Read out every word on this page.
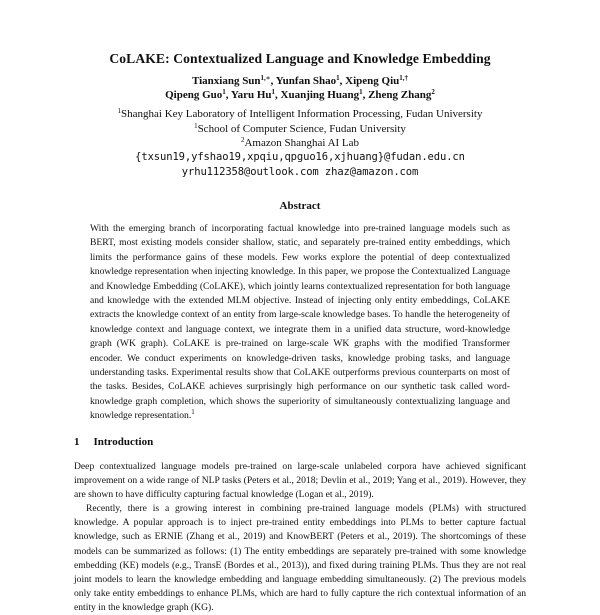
CoLAKE: Contextualized Language and Knowledge Embedding
Tianxiang Sun$^{1,∗}$, Yunfan Shao$^1$, Xipeng Qiu$^{1,\dagger}$
Qipeng Guo$^1$, Yaru Hu$^1$, Xuanjing Huang$^1$, Zheng Zhang$^2$
$^1$Shanghai Key Laboratory of Intelligent Information Processing, Fudan University
$^1$School of Computer Science, Fudan University
$^2$Amazon Shanghai AI Lab
{txsun19,yfshao19,xpqiu,qpguo16,xjhuang}@fudan.edu.cn
yrhu112358@outlook.com zhaz@amazon.com
Abstract
With the emerging branch of incorporating factual knowledge into pre-trained language models such as BERT, most existing models consider shallow, static, and separately pre-trained entity embeddings, which limits the performance gains of these models. Few works explore the potential of deep contextualized knowledge representation when injecting knowledge. In this paper, we propose the Contextualized Language and Knowledge Embedding (CoLAKE), which jointly learns contextualized representation for both language and knowledge with the extended MLM objective. Instead of injecting only entity embeddings, CoLAKE extracts the knowledge context of an entity from large-scale knowledge bases. To handle the heterogeneity of knowledge context and language context, we integrate them in a unified data structure, word-knowledge graph (WK graph). CoLAKE is pre-trained on large-scale WK graphs with the modified Transformer encoder. We conduct experiments on knowledge-driven tasks, knowledge probing tasks, and language understanding tasks. Experimental results show that CoLAKE outperforms previous counterparts on most of the tasks. Besides, CoLAKE achieves surprisingly high performance on our synthetic task called word-knowledge graph completion, which shows the superiority of simultaneously contextualizing language and knowledge representation.$^1$
1 Introduction

Deep contextualized language models pre-trained on large-scale unlabeled corpora have achieved significant improvement on a wide range of NLP tasks (Peters et al., 2018; Devlin et al., 2019; Yang et al., 2019). However, they are shown to have difficulty capturing factual knowledge (Logan et al., 2019).

Recently, there is a growing interest in combining pre-trained language models (PLMs) with structured knowledge. A popular approach is to inject pre-trained entity embeddings into PLMs to better capture factual knowledge, such as ERNIE (Zhang et al., 2019) and KnowBERT (Peters et al., 2019). The shortcomings of these models can be summarized as follows: (1) The entity embeddings are separately pre-trained with some knowledge embedding (KE) models (e.g., TransE (Bordes et al., 2013)), and fixed during training PLMs. Thus they are not real joint models to learn the knowledge embedding and language embedding simultaneously. (2) The previous models only take entity embeddings to enhance PLMs, which are hard to fully capture the rich contextual information of an entity in the knowledge graph (KG).
